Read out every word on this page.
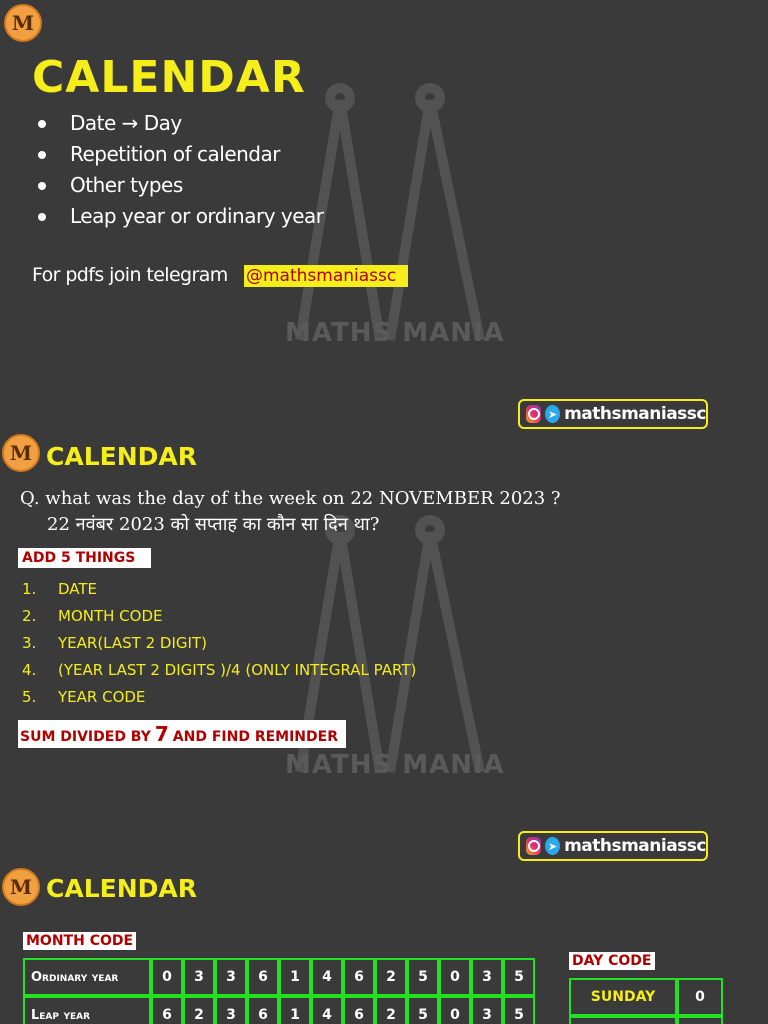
M
MATHS MANIA
CALENDAR
Date → Day
Repetition of calendar
Other types
Leap year or ordinary year
For pdfs join telegram @mathsmaniassc
➤ mathsmaniassc
M
MATHS MANIA
CALENDAR
Q. what was the day of the week on 22 NOVEMBER 2023 ?
22 नवंबर 2023 को सप्ताह का कौन सा दिन था?
ADD 5 THINGS
1.	DATE
2.	MONTH CODE
3.	YEAR(LAST 2 DIGIT)
4.	(YEAR LAST 2 DIGITS )/4 (ONLY INTEGRAL PART)
5.	YEAR CODE
SUM DIVIDED BY 7 AND FIND REMINDER
➤ mathsmaniassc
M CALENDAR
MONTH CODE
Ordinary year	0	3	3	6	1	4	6	2	5	0	3	5
Leap year	6	2	3	6	1	4	6	2	5	0	3	5
DAY CODE
SUNDAY	0
